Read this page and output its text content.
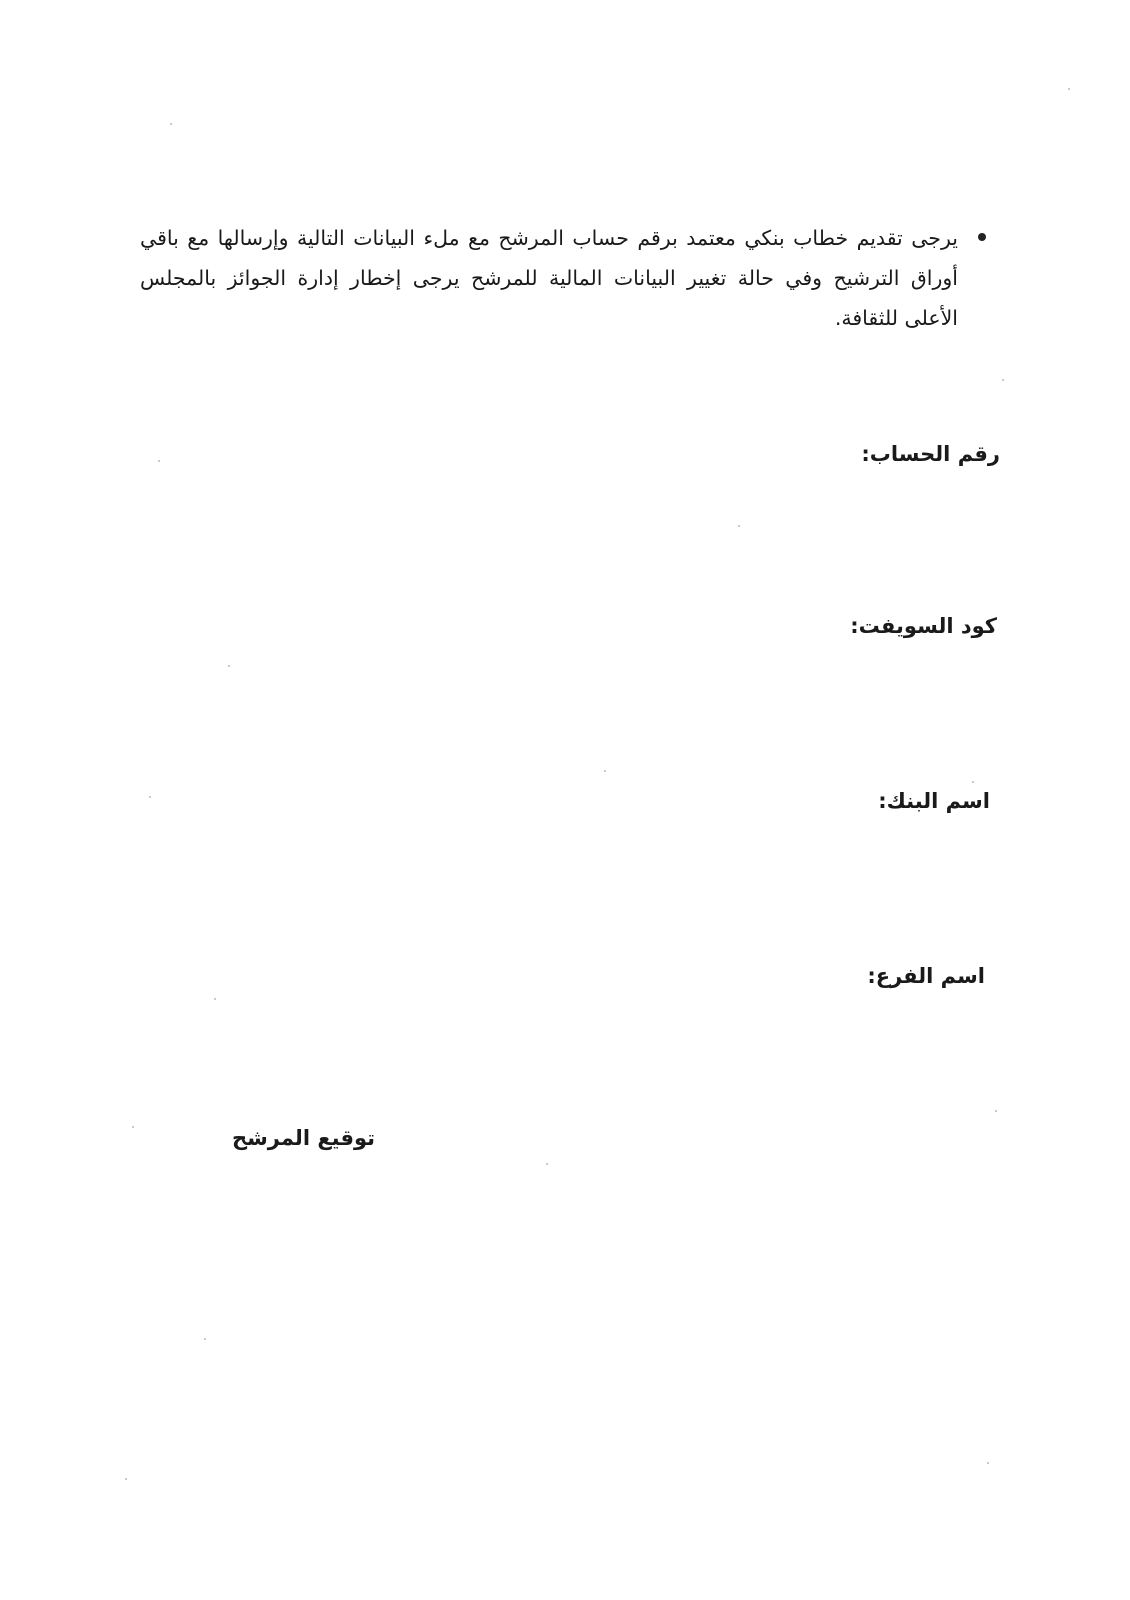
يرجى تقديم خطاب بنكي معتمد برقم حساب المرشح مع ملء البيانات التالية وإرسالها مع باقي أوراق الترشيح وفي حالة تغيير البيانات المالية للمرشح يرجى إخطار إدارة الجوائز بالمجلس الأعلى للثقافة.
رقم الحساب:
كود السويفت:
اسم البنك:
اسم الفرع:
توقيع المرشح
